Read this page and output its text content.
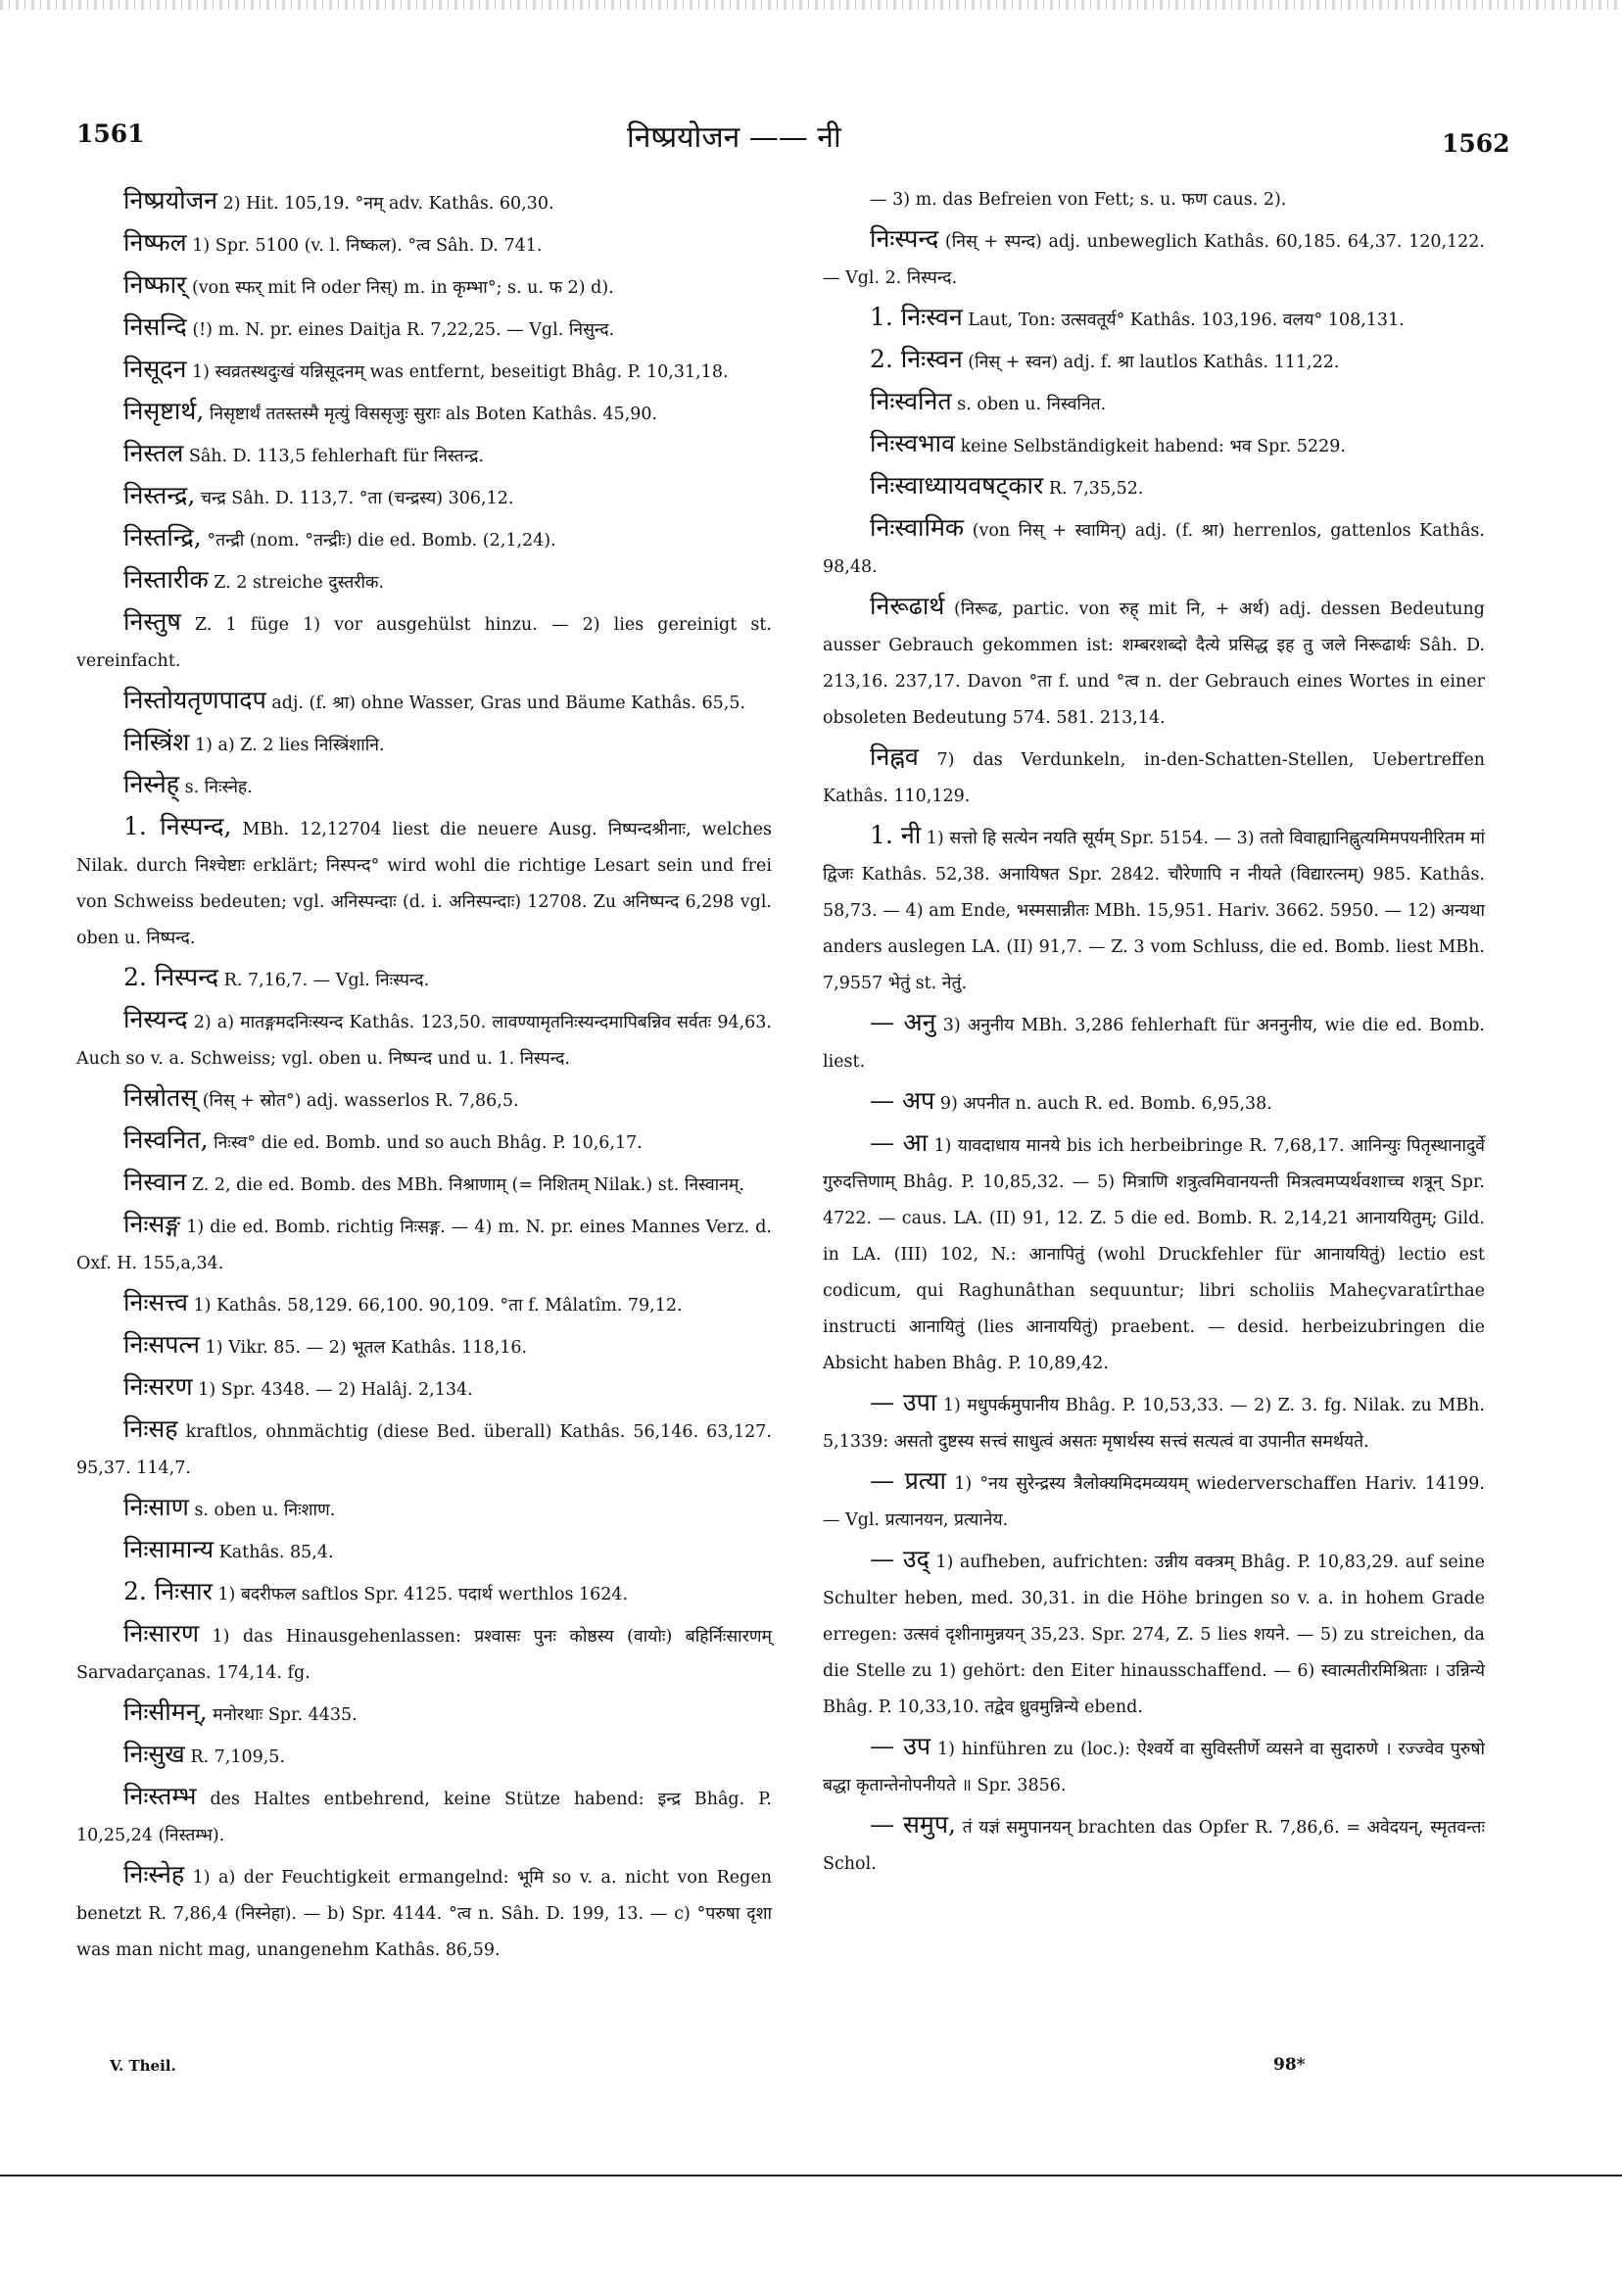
1561	निष्प्रयोजन —— नी	1562

निष्प्रयोजन 2) Hit. 105,19. °नम् adv. Kathâs. 60,30.

निष्फल 1) Spr. 5100 (v. l. निष्कल). °त्व Sâh. D. 741.

निष्फार् (von स्फर् mit नि oder निस्) m. in कृम्भा°; s. u. फ 2) d).

निसन्दि (!) m. N. pr. eines Daitja R. 7,22,25. — Vgl. निसुन्द.

निसूदन 1) स्वव्रतस्थदुःखं यन्निसूदनम् was entfernt, beseitigt Bhâg. P. 10,31,18.

निसृष्टार्थ, निसृष्टार्थं ततस्तस्मै मृत्युं विससृजुः सुराः als Boten Kathâs. 45,90.

निस्तल Sâh. D. 113,5 fehlerhaft für निस्तन्द्र.

निस्तन्द्र, चन्द्र Sâh. D. 113,7. °ता (चन्द्रस्य) 306,12.

निस्तन्द्रि, °तन्द्री (nom. °तन्द्रीः) die ed. Bomb. (2,1,24).

निस्तारीक Z. 2 streiche दुस्तरीक.

निस्तुष Z. 1 füge 1) vor ausgehülst hinzu. — 2) lies gereinigt st. vereinfacht.

निस्तोयतृणपादप adj. (f. श्रा) ohne Wasser, Gras und Bäume Kathâs. 65,5.

निस्त्रिंश 1) a) Z. 2 lies निस्त्रिंशानि.

निस्नेह् s. निःस्नेह.

1. निस्पन्द, MBh. 12,12704 liest die neuere Ausg. निष्पन्दश्रीनाः, welches Nilak. durch निश्चेष्टाः erklärt; निस्पन्द° wird wohl die richtige Lesart sein und frei von Schweiss bedeuten; vgl. अनिस्पन्दाः (d. i. अनिस्पन्दाः) 12708. Zu अनिष्पन्द 6,298 vgl. oben u. निष्पन्द.

2. निस्पन्द R. 7,16,7. — Vgl. निःस्पन्द.

निस्यन्द 2) a) मातङ्गमदनिःस्यन्द Kathâs. 123,50. लावण्यामृतनिःस्यन्दमापिबन्निव सर्वतः 94,63. Auch so v. a. Schweiss; vgl. oben u. निष्पन्द und u. 1. निस्पन्द.

निस्रोतस् (निस् + स्रोत°) adj. wasserlos R. 7,86,5.

निस्वनित, निःस्व° die ed. Bomb. und so auch Bhâg. P. 10,6,17.

निस्वान Z. 2, die ed. Bomb. des MBh. निश्राणाम् (= निशितम् Nilak.) st. निस्वानम्.

निःसङ्ग 1) die ed. Bomb. richtig निःसङ्ग. — 4) m. N. pr. eines Mannes Verz. d. Oxf. H. 155,a,34.

निःसत्त्व 1) Kathâs. 58,129. 66,100. 90,109. °ता f. Mâlatîm. 79,12.

निःसपत्न 1) Vikr. 85. — 2) भूतल Kathâs. 118,16.

निःसरण 1) Spr. 4348. — 2) Halâj. 2,134.

निःसह kraftlos, ohnmächtig (diese Bed. überall) Kathâs. 56,146. 63,127. 95,37. 114,7.

निःसाण s. oben u. निःशाण.

निःसामान्य Kathâs. 85,4.

2. निःसार 1) बदरीफल saftlos Spr. 4125. पदार्थ werthlos 1624.

निःसारण 1) das Hinausgehenlassen: प्रश्वासः पुनः कोष्ठस्य (वायोः) बहिर्निःसारणम् Sarvadarçanas. 174,14. fg.

निःसीमन्, मनोरथाः Spr. 4435.

निःसुख R. 7,109,5.

निःस्तम्भ des Haltes entbehrend, keine Stütze habend: इन्द्र Bhâg. P. 10,25,24 (निस्तम्भ).

निःस्नेह 1) a) der Feuchtigkeit ermangelnd: भूमि so v. a. nicht von Regen benetzt R. 7,86,4 (निस्नेहा). — b) Spr. 4144. °त्व n. Sâh. D. 199, 13. — c) °परुषा दृशा was man nicht mag, unangenehm Kathâs. 86,59.

— 3) m. das Befreien von Fett; s. u. फण caus. 2).

निःस्पन्द (निस् + स्पन्द) adj. unbeweglich Kathâs. 60,185. 64,37. 120,122. — Vgl. 2. निस्पन्द.

1. निःस्वन Laut, Ton: उत्सवतूर्य° Kathâs. 103,196. वलय° 108,131.

2. निःस्वन (निस् + स्वन) adj. f. श्रा lautlos Kathâs. 111,22.

निःस्वनित s. oben u. निस्वनित.

निःस्वभाव keine Selbständigkeit habend: भव Spr. 5229.

निःस्वाध्यायवषट्कार R. 7,35,52.

निःस्वामिक (von निस् + स्वामिन्) adj. (f. श्रा) herrenlos, gattenlos Kathâs. 98,48.

निरूढार्थ (निरूढ, partic. von रुह् mit नि, + अर्थ) adj. dessen Bedeutung ausser Gebrauch gekommen ist: शम्बरशब्दो दैत्ये प्रसिद्ध इह तु जले निरूढार्थः Sâh. D. 213,16. 237,17. Davon °ता f. und °त्व n. der Gebrauch eines Wortes in einer obsoleten Bedeutung 574. 581. 213,14.

निह्नव 7) das Verdunkeln, in-den-Schatten-Stellen, Uebertreffen Kathâs. 110,129.

1. नी 1) सत्तो हि सत्येन नयति सूर्यम् Spr. 5154. — 3) ततो विवाह्यानिह्नुत्यमिमपयनीरितम मां द्विजः Kathâs. 52,38. अनायिषत Spr. 2842. चौरेणापि न नीयते (विद्यारत्नम्) 985. Kathâs. 58,73. — 4) am Ende, भस्मसान्नीतः MBh. 15,951. Hariv. 3662. 5950. — 12) अन्यथा anders auslegen LA. (II) 91,7. — Z. 3 vom Schluss, die ed. Bomb. liest MBh. 7,9557 भेतुं st. नेतुं.

— अनु 3) अनुनीय MBh. 3,286 fehlerhaft für अननुनीय, wie die ed. Bomb. liest.

— अप 9) अपनीत n. auch R. ed. Bomb. 6,95,38.

— आ 1) यावदाधाय मानये bis ich herbeibringe R. 7,68,17. आनिन्युः पितृस्थानादुर्वे गुरुदत्तिणाम् Bhâg. P. 10,85,32. — 5) मित्राणि शत्रुत्वमिवानयन्ती मित्रत्वमप्यर्थवशाच्च शत्रून् Spr. 4722. — caus. LA. (II) 91, 12. Z. 5 die ed. Bomb. R. 2,14,21 आनाययितुम्; Gild. in LA. (III) 102, N.: आनापितुं (wohl Druckfehler für आनाययितुं) lectio est codicum, qui Raghunâthan sequuntur; libri scholiis Maheçvaratîrthae instructi आनायितुं (lies आनाययितुं) praebent. — desid. herbeizubringen die Absicht haben Bhâg. P. 10,89,42.

— उपा 1) मधुपर्कमुपानीय Bhâg. P. 10,53,33. — 2) Z. 3. fg. Nilak. zu MBh. 5,1339: असतो दुष्टस्य सत्त्वं साधुत्वं असतः मृषार्थस्य सत्त्वं सत्यत्वं वा उपानीत समर्थयते.

— प्रत्या 1) °नय सुरेन्द्रस्य त्रैलोक्यमिदमव्ययम् wiederverschaffen Hariv. 14199. — Vgl. प्रत्यानयन, प्रत्यानेय.

— उद् 1) aufheben, aufrichten: उन्नीय वक्त्रम् Bhâg. P. 10,83,29. auf seine Schulter heben, med. 30,31. in die Höhe bringen so v. a. in hohem Grade erregen: उत्सवं दृशीनामुन्नयन् 35,23. Spr. 274, Z. 5 lies शयने. — 5) zu streichen, da die Stelle zu 1) gehört: den Eiter hinausschaffend. — 6) स्वात्मतीरमिश्रिताः । उन्निन्ये Bhâg. P. 10,33,10. तद्वेव ध्रुवमुन्निन्ये ebend.

— उप 1) hinführen zu (loc.): ऐश्वर्ये वा सुविस्तीर्णे व्यसने वा सुदारुणे । रज्ज्वेव पुरुषो बद्धा कृतान्तेनोपनीयते ॥ Spr. 3856.

— समुप, तं यज्ञं समुपानयन् brachten das Opfer R. 7,86,6. = अवेदयन्, स्मृतवन्तः Schol.

V. Theil.	98*
